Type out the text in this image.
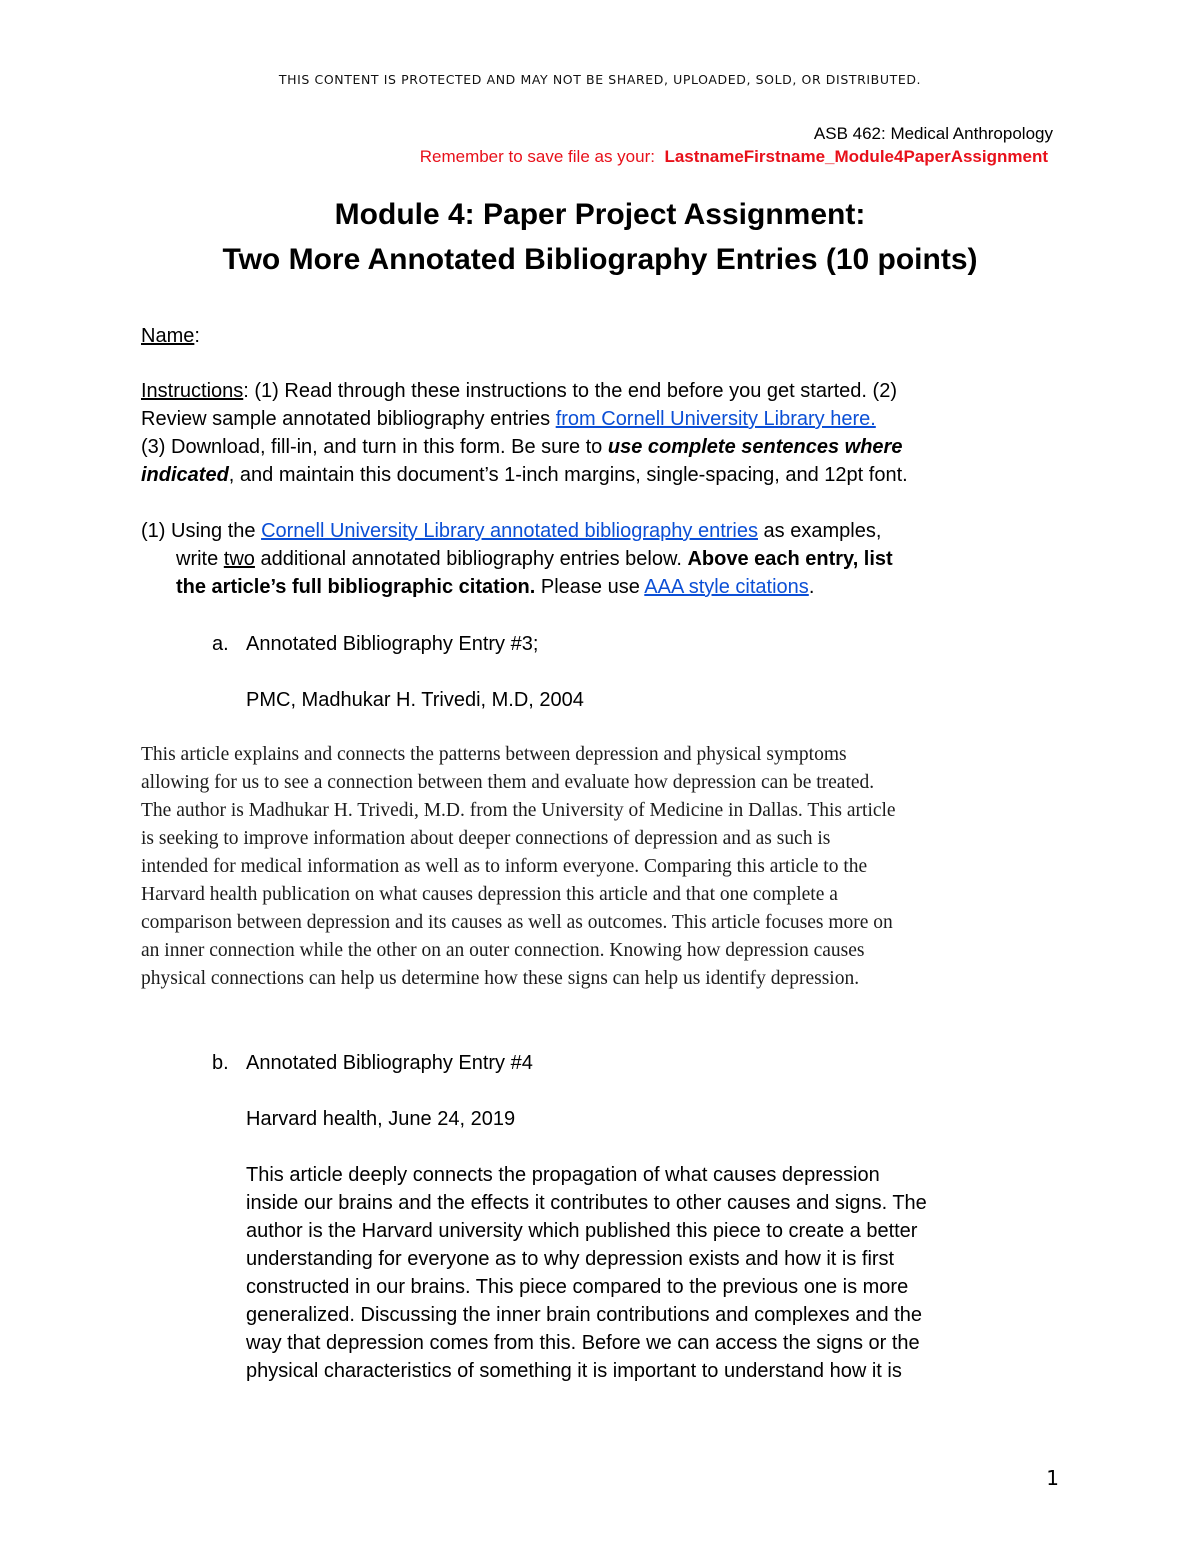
THIS CONTENT IS PROTECTED AND MAY NOT BE SHARED, UPLOADED, SOLD, OR DISTRIBUTED.
ASB 462: Medical Anthropology
Remember to save file as your: LastnameFirstname_Module4PaperAssignment
Module 4: Paper Project Assignment:
Two More Annotated Bibliography Entries (10 points)
Name:
Instructions: (1) Read through these instructions to the end before you get started. (2)
Review sample annotated bibliography entries from Cornell University Library here.
(3) Download, fill-in, and turn in this form. Be sure to use complete sentences where
indicated, and maintain this document’s 1-inch margins, single-spacing, and 12pt font.
(1) Using the Cornell University Library annotated bibliography entries as examples,
write two additional annotated bibliography entries below. Above each entry, list
the article’s full bibliographic citation. Please use AAA style citations.
a. Annotated Bibliography Entry #3;
PMC, Madhukar H. Trivedi, M.D, 2004
This article explains and connects the patterns between depression and physical symptoms
allowing for us to see a connection between them and evaluate how depression can be treated.
The author is Madhukar H. Trivedi, M.D. from the University of Medicine in Dallas. This article
is seeking to improve information about deeper connections of depression and as such is
intended for medical information as well as to inform everyone. Comparing this article to the
Harvard health publication on what causes depression this article and that one complete a
comparison between depression and its causes as well as outcomes. This article focuses more on
an inner connection while the other on an outer connection. Knowing how depression causes
physical connections can help us determine how these signs can help us identify depression.
b. Annotated Bibliography Entry #4
Harvard health, June 24, 2019
This article deeply connects the propagation of what causes depression
inside our brains and the effects it contributes to other causes and signs. The
author is the Harvard university which published this piece to create a better
understanding for everyone as to why depression exists and how it is first
constructed in our brains. This piece compared to the previous one is more
generalized. Discussing the inner brain contributions and complexes and the
way that depression comes from this. Before we can access the signs or the
physical characteristics of something it is important to understand how it is
1
